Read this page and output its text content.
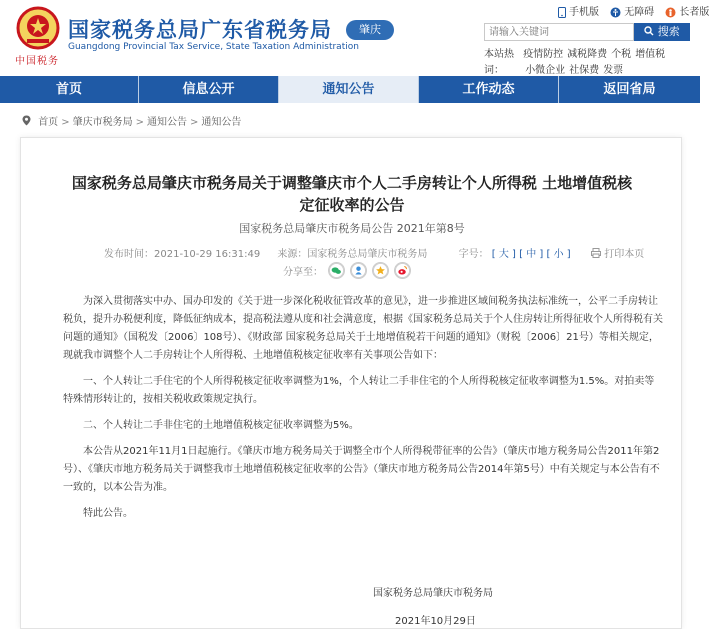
中国税务
国家税务总局广东省税务局
Guangdong Provincial Tax Service, State Taxation Administration
肇庆
手机版	无障碍	长者版
请输入关键词
搜索
本站热 疫情防控 减税降费 个税 增值税
词： 小微企业 社保费 发票
首页	信息公开	通知公告	工作动态	返回省局
首页 > 肇庆市税务局 > 通知公告 > 通知公告
国家税务总局肇庆市税务局关于调整肇庆市个人二手房转让个人所得税 土地增值税核
定征收率的公告
国家税务总局肇庆市税务局公告 2021年第8号
发布时间：2021-10-29 16:31:49 来源：国家税务总局肇庆市税务局	字号： [ 大 ] [ 中 ] [ 小 ]	打印本页
分享至：

为深入贯彻落实中办、国办印发的《关于进一步深化税收征管改革的意见》，进一步推进区域间税务执法标准统一，公平二手房转让税负，提升办税便利度，降低征纳成本，提高税法遵从度和社会满意度，根据《国家税务总局关于个人住房转让所得征收个人所得税有关问题的通知》（国税发〔2006〕108号）、《财政部 国家税务总局关于土地增值税若干问题的通知》（财税〔2006〕21号）等相关规定，现就我市调整个人二手房转让个人所得税、土地增值税核定征收率有关事项公告如下：

一、个人转让二手住宅的个人所得税核定征收率调整为1%，个人转让二手非住宅的个人所得税核定征收率调整为1.5%。对拍卖等特殊情形转让的，按相关税收政策规定执行。

二、个人转让二手非住宅的土地增值税核定征收率调整为5%。

本公告从2021年11月1日起施行。《肇庆市地方税务局关于调整全市个人所得税带征率的公告》（肇庆市地方税务局公告2011年第2号）、《肇庆市地方税务局关于调整我市土地增值税核定征收率的公告》（肇庆市地方税务局公告2014年第5号）中有关规定与本公告有不一致的，以本公告为准。

特此公告。

国家税务总局肇庆市税务局
2021年10月29日
